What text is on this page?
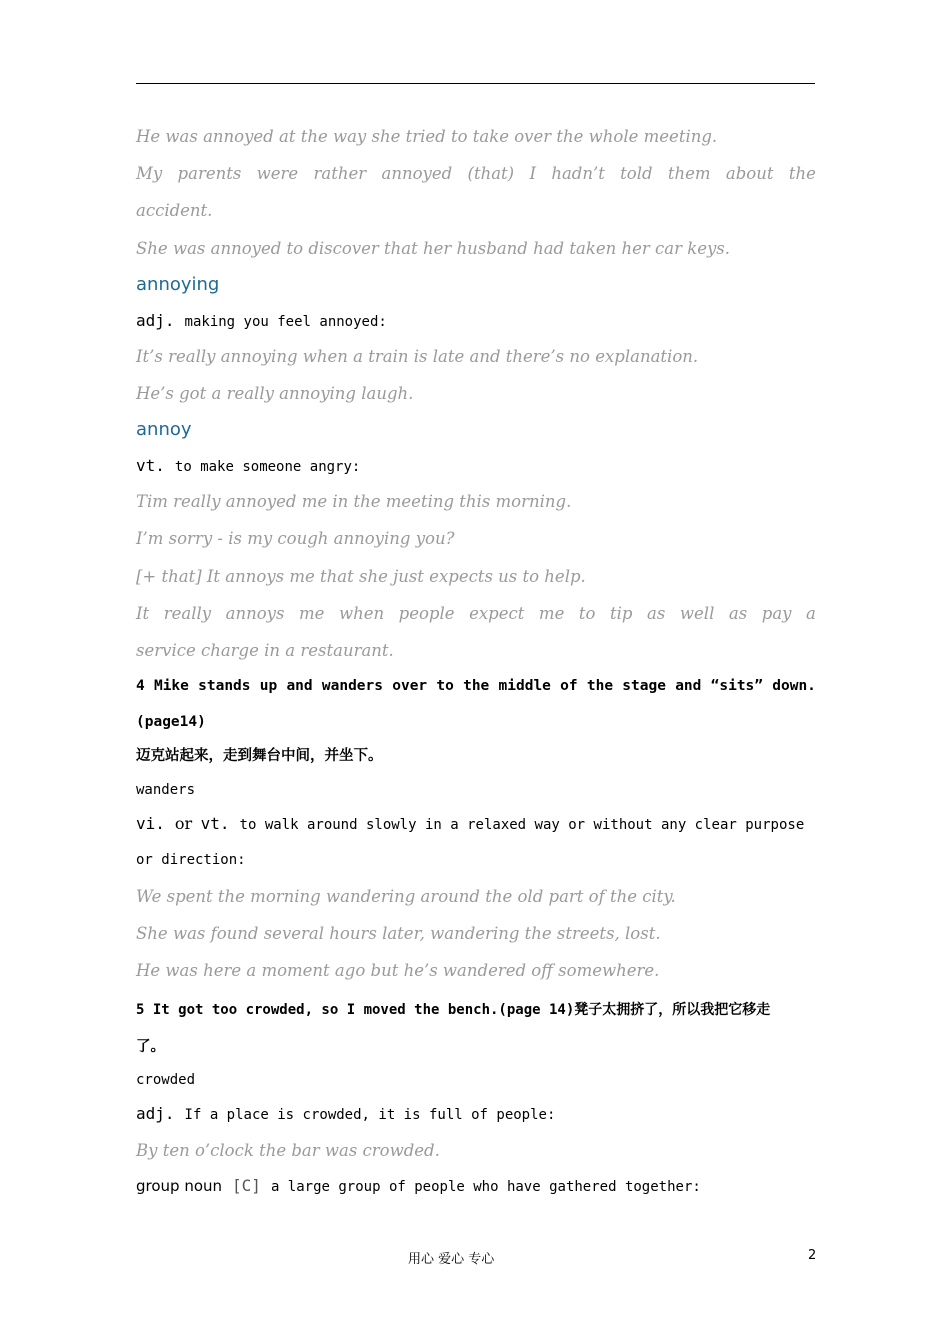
He was annoyed at the way she tried to take over the whole meeting.
My parents were rather annoyed (that) I hadn’t told them about the
accident.
She was annoyed to discover that her husband had taken her car keys.
annoying
adj. making you feel annoyed:
It’s really annoying when a train is late and there’s no explanation.
He’s got a really annoying laugh.
annoy
vt. to make someone angry:
Tim really annoyed me in the meeting this morning.
I’m sorry - is my cough annoying you?
[+ that] It annoys me that she just expects us to help.
It really annoys me when people expect me to tip as well as pay a
service charge in a restaurant.
4 Mike stands up and wanders over to the middle of the stage and “sits” down.
(page14)
迈克站起来，走到舞台中间，并坐下。
wanders
vi. or vt. to walk around slowly in a relaxed way or without any clear purpose
or direction:
We spent the morning wandering around the old part of the city.
She was found several hours later, wandering the streets, lost.
He was here a moment ago but he’s wandered off somewhere.
5 It got too crowded, so I moved the bench.(page 14)凳子太拥挤了，所以我把它移走
了。
crowded
adj. If a place is crowded, it is full of people:
By ten o’clock the bar was crowded.
group noun [C] a large group of people who have gathered together:
用心 爱心 专心	2
